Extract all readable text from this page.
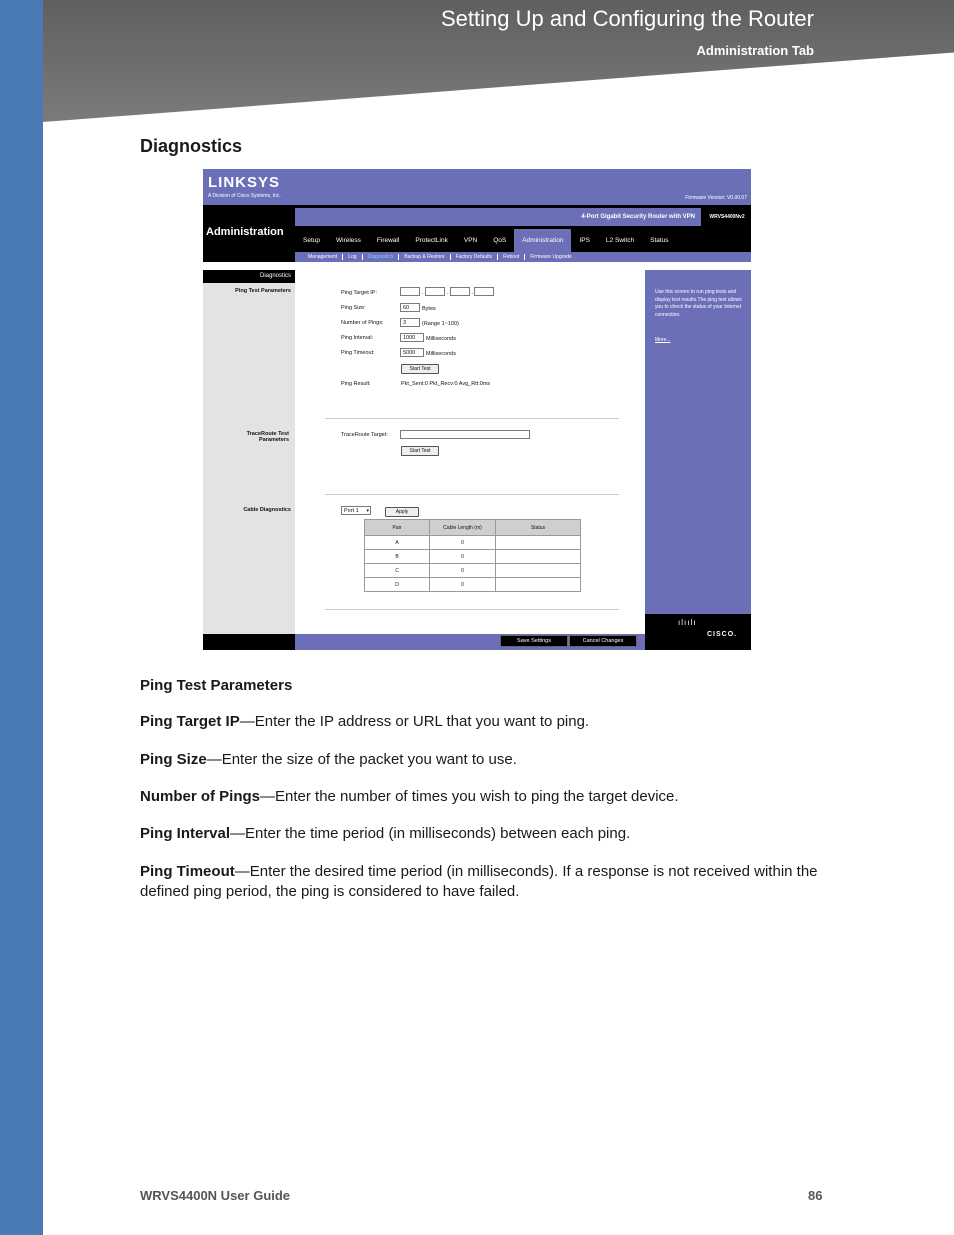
Setting Up and Configuring the Router
Administration Tab
Diagnostics
LINKSYS
A Division of Cisco Systems, Inc.	Firmware Version: V0.00.07
Administration
4-Port Gigabit Security Router with VPN	WRVS4400Nv2
Setup	Wireless	Firewall	ProtectLink	VPN	QoS	Administration	IPS	L2 Switch	Status
Management	Log	Diagnostics	Backup & Restore	Factory Defaults	Reboot	Firmware Upgrade
Diagnostics
Ping Test Parameters
TraceRoute Test Parameters
Cable Diagnostics
Ping Target IP:	.	.	.
Ping Size:	60	Bytes
Number of Pings:	3	(Range 1~100)
Ping Interval:	1000	Milliseconds
Ping Timeout:	5000	Milliseconds
Start Test
Ping Result:	Pkt_Sent:0 Pkt_Recv:0 Avg_Rtt:0ms
TraceRoute Target:
Start Test
Port 1 ▾	Apply
Pair	Cable Length (m)	Status
A	0	
B	0	
C	0	
D	0	
Use this screen to run ping tests and display test results.The ping test allows you to check the status of your Internet connection.
More...
Save Settings	Cancel Changes
ılıılı
CISCO.
Ping Test Parameters
Ping Target IP—Enter the IP address or URL that you want to ping.
Ping Size—Enter the size of the packet you want to use.
Number of Pings—Enter the number of times you wish to ping the target device.
Ping Interval—Enter the time period (in milliseconds) between each ping.
Ping Timeout—Enter the desired time period (in milliseconds). If a response is not received within the defined ping period, the ping is considered to have failed.
WRVS4400N User Guide	86
